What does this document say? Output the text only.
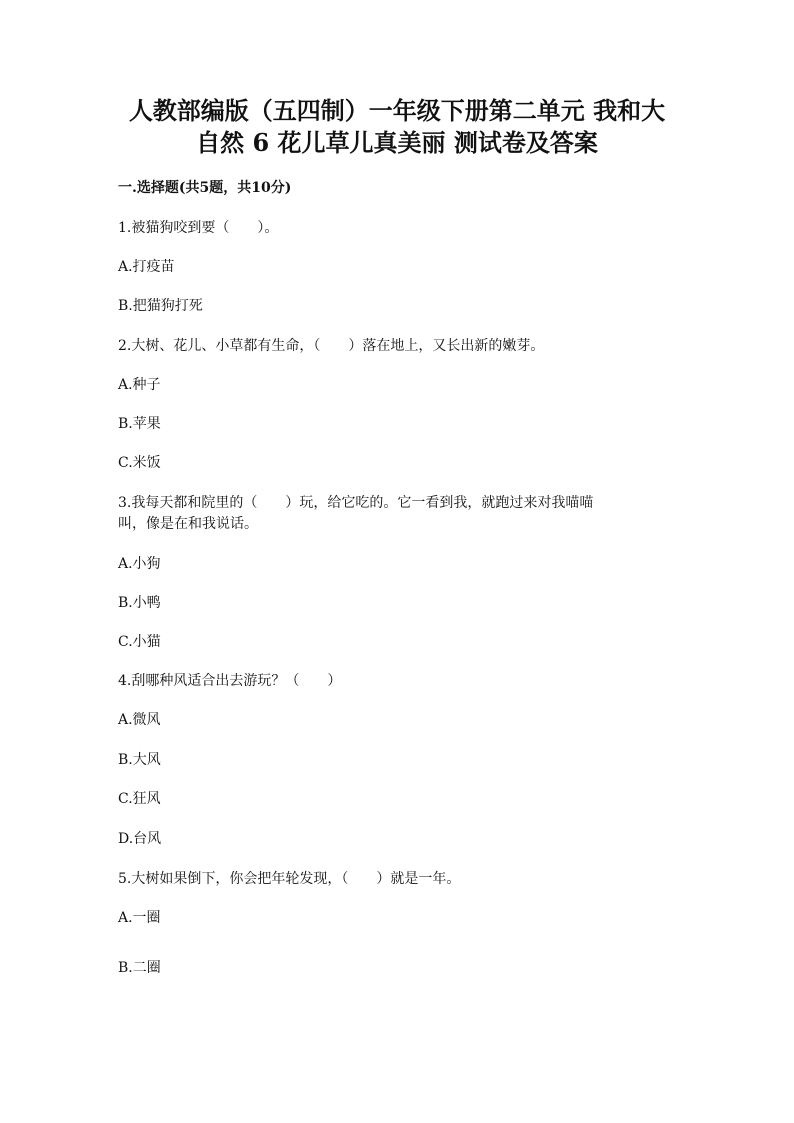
人教部编版（五四制）一年级下册第二单元 我和大
自然 6 花儿草儿真美丽 测试卷及答案
一.选择题(共5题，共10分)
1.被猫狗咬到要（　　）。
A.打疫苗
B.把猫狗打死
2.大树、花儿、小草都有生命，（　　）落在地上，又长出新的嫩芽。
A.种子
B.苹果
C.米饭
3.我每天都和院里的（　　）玩，给它吃的。它一看到我，就跑过来对我喵喵
叫，像是在和我说话。
A.小狗
B.小鸭
C.小猫
4.刮哪种风适合出去游玩？（　　）
A.微风
B.大风
C.狂风
D.台风
5.大树如果倒下，你会把年轮发现，（　　）就是一年。
A.一圈
B.二圈
